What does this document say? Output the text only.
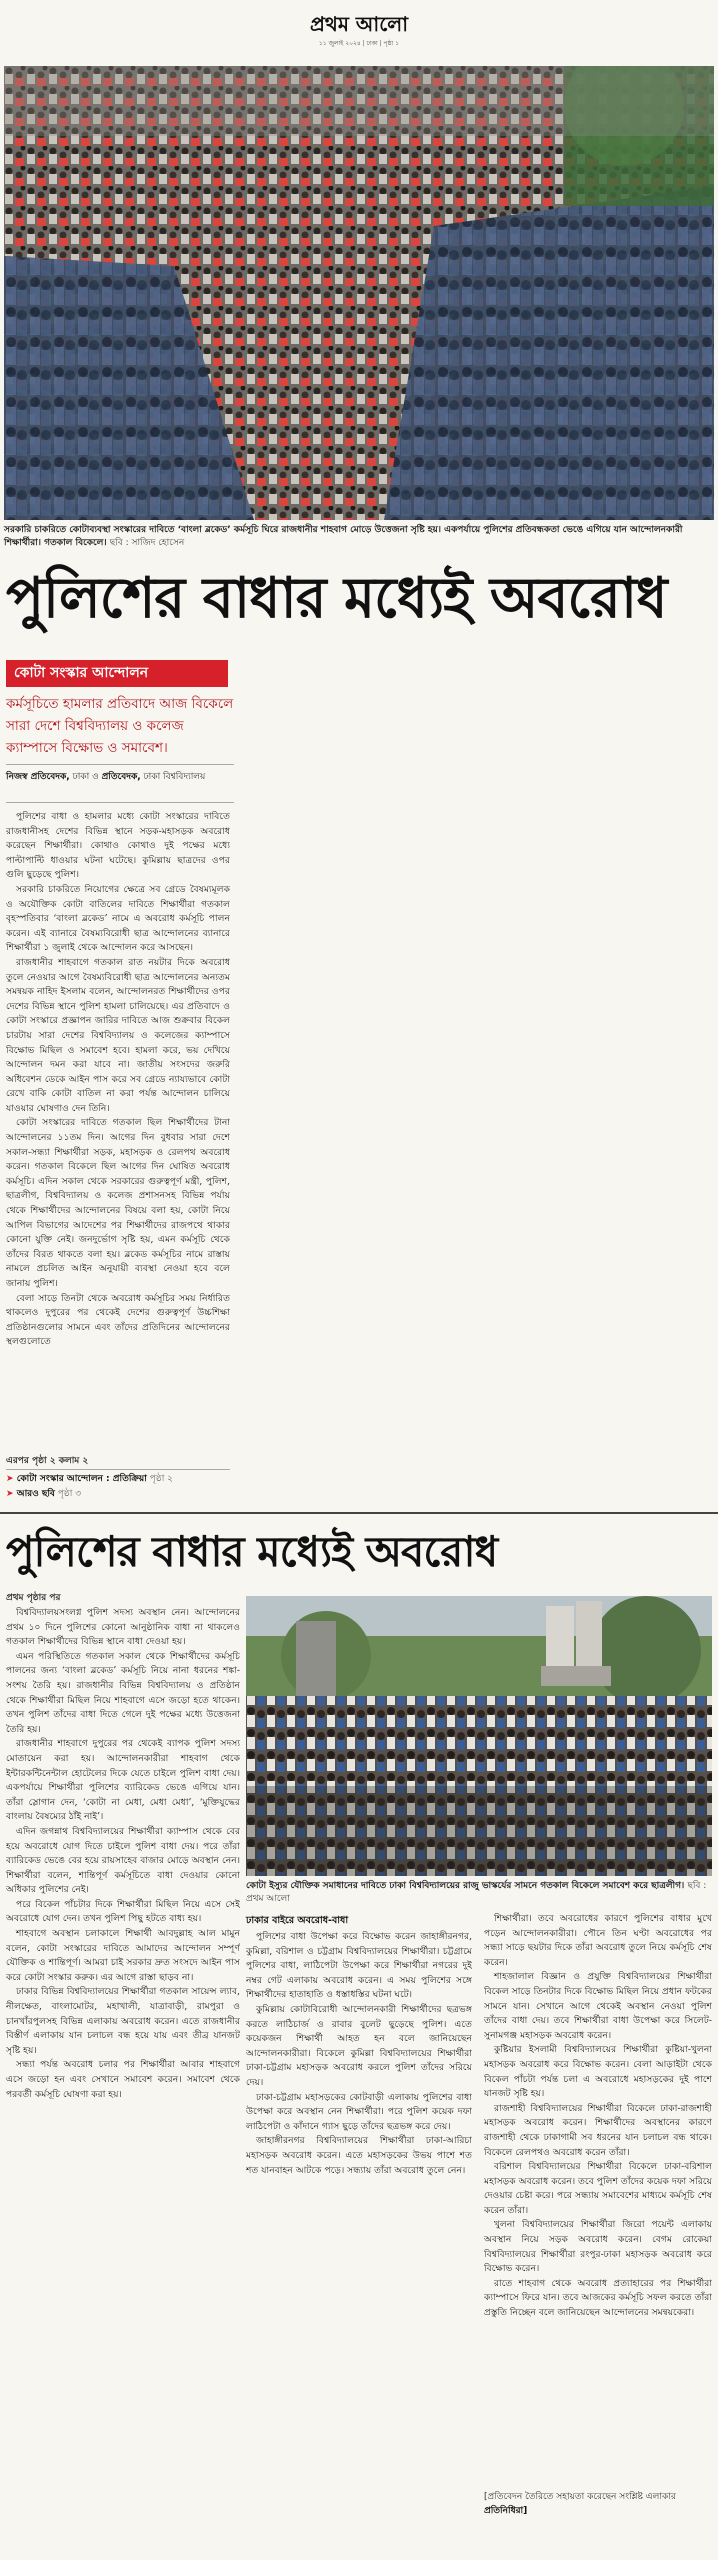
প্রথম আলো
১১ জুলাই ২০২৪ | ঢাকা | পৃষ্ঠা ১
সরকারি চাকরিতে কোটাব্যবস্থা সংস্কারের দাবিতে ‘বাংলা ব্লকেড’ কর্মসূচি ঘিরে রাজধানীর শাহবাগ মোড়ে উত্তেজনা সৃষ্টি হয়। একপর্যায়ে পুলিশের প্রতিবন্ধকতা ভেঙে এগিয়ে যান আন্দোলনকারী শিক্ষার্থীরা। গতকাল বিকেলে। ছবি : সাজিদ হোসেন
পুলিশের বাধার মধ্যেই অবরোধ
কোটা সংস্কার আন্দোলন
কর্মসূচিতে হামলার প্রতিবাদে আজ বিকেলে সারা দেশে বিশ্ববিদ্যালয় ও কলেজ ক্যাম্পাসে বিক্ষোভ ও সমাবেশ।
নিজস্ব প্রতিবেদক, ঢাকা ও প্রতিবেদক, ঢাকা বিশ্ববিদ্যালয়

পুলিশের বাধা ও হামলার মধ্যে কোটা সংস্কারের দাবিতে রাজধানীসহ দেশের বিভিন্ন স্থানে সড়ক-মহাসড়ক অবরোধ করেছেন শিক্ষার্থীরা। কোথাও কোথাও দুই পক্ষের মধ্যে পাল্টাপাল্টি ধাওয়ার ঘটনা ঘটেছে। কুমিল্লায় ছাত্রদের ওপর গুলি ছুড়েছে পুলিশ।

সরকারি চাকরিতে নিয়োগের ক্ষেত্রে সব গ্রেডে বৈষম্যমূলক ও অযৌক্তিক কোটা বাতিলের দাবিতে শিক্ষার্থীরা গতকাল বৃহস্পতিবার ‘বাংলা ব্লকেড’ নামে এ অবরোধ কর্মসূচি পালন করেন। এই ব্যানারে বৈষম্যবিরোধী ছাত্র আন্দোলনের ব্যানারে শিক্ষার্থীরা ১ জুলাই থেকে আন্দোলন করে আসছেন।

রাজধানীর শাহবাগে গতকাল রাত নয়টার দিকে অবরোধ তুলে নেওয়ার আগে বৈষম্যবিরোধী ছাত্র আন্দোলনের অন্যতম সমন্বয়ক নাহিদ ইসলাম বলেন, আন্দোলনরত শিক্ষার্থীদের ওপর দেশের বিভিন্ন স্থানে পুলিশ হামলা চালিয়েছে। এর প্রতিবাদে ও কোটা সংস্কারে প্রজ্ঞাপন জারির দাবিতে আজ শুক্রবার বিকেল চারটায় সারা দেশের বিশ্ববিদ্যালয় ও কলেজের ক্যাম্পাসে বিক্ষোভ মিছিল ও সমাবেশ হবে। হামলা করে, ভয় দেখিয়ে আন্দোলন দমন করা যাবে না। জাতীয় সংসদের জরুরি অধিবেশন ডেকে আইন পাস করে সব গ্রেডে ন্যায্যভাবে কোটা রেখে বাকি কোটা বাতিল না করা পর্যন্ত আন্দোলন চালিয়ে যাওয়ার ঘোষণাও দেন তিনি।

কোটা সংস্কারের দাবিতে গতকাল ছিল শিক্ষার্থীদের টানা আন্দোলনের ১১তম দিন। আগের দিন বুধবার সারা দেশে সকাল-সন্ধ্যা শিক্ষার্থীরা সড়ক, মহাসড়ক ও রেলপথ অবরোধ করেন। গতকাল বিকেলে ছিল আগের দিন ঘোষিত অবরোধ কর্মসূচি। এদিন সকাল থেকে সরকারের গুরুত্বপূর্ণ মন্ত্রী, পুলিশ, ছাত্রলীগ, বিশ্ববিদ্যালয় ও কলেজ প্রশাসনসহ বিভিন্ন পর্যায় থেকে শিক্ষার্থীদের আন্দোলনের বিষয়ে বলা হয়, কোটা নিয়ে আপিল বিভাগের আদেশের পর শিক্ষার্থীদের রাজপথে থাকার কোনো যুক্তি নেই। জনদুর্ভোগ সৃষ্টি হয়, এমন কর্মসূচি থেকে তাঁদের বিরত থাকতে বলা হয়। ব্লকেড কর্মসূচির নামে রাস্তায় নামলে প্রচলিত আইন অনুযায়ী ব্যবস্থা নেওয়া হবে বলে জানায় পুলিশ।

বেলা সাড়ে তিনটা থেকে অবরোধ কর্মসূচির সময় নির্ধারিত থাকলেও দুপুরের পর থেকেই দেশের গুরুত্বপূর্ণ উচ্চশিক্ষা প্রতিষ্ঠানগুলোর সামনে এবং তাঁদের প্রতিদিনের আন্দোলনের স্থলগুলোতে

এরপর পৃষ্ঠা ২ কলাম ২
➤ কোটা সংস্কার আন্দোলন : প্রতিক্রিয়া পৃষ্ঠা ২
➤ আরও ছবি পৃষ্ঠা ৩
পুলিশের বাধার মধ্যেই অবরোধ
প্রথম পৃষ্ঠার পর

বিশ্ববিদ্যালয়সংলগ্ন পুলিশ সদস্য অবস্থান নেন। আন্দোলনের প্রথম ১০ দিনে পুলিশের কোনো আনুষ্ঠানিক বাধা না থাকলেও গতকাল শিক্ষার্থীদের বিভিন্ন স্থানে বাধা দেওয়া হয়।

এমন পরিস্থিতিতে গতকাল সকাল থেকে শিক্ষার্থীদের কর্মসূচি পালনের জন্য ‘বাংলা ব্লকেড’ কর্মসূচি নিয়ে নানা ধরনের শঙ্কা-সংশয় তৈরি হয়। রাজধানীর বিভিন্ন বিশ্ববিদ্যালয় ও প্রতিষ্ঠান থেকে শিক্ষার্থীরা মিছিল নিয়ে শাহবাগে এসে জড়ো হতে থাকেন। তখন পুলিশ তাঁদের বাধা দিতে গেলে দুই পক্ষের মধ্যে উত্তেজনা তৈরি হয়।

রাজধানীর শাহবাগে দুপুরের পর থেকেই ব্যাপক পুলিশ সদস্য মোতায়েন করা হয়। আন্দোলনকারীরা শাহবাগ থেকে ইন্টারকন্টিনেন্টাল হোটেলের দিকে যেতে চাইলে পুলিশ বাধা দেয়। একপর্যায়ে শিক্ষার্থীরা পুলিশের ব্যারিকেড ভেঙে এগিয়ে যান। তাঁরা স্লোগান দেন, ‘কোটা না মেধা, মেধা মেধা’, ‘মুক্তিযুদ্ধের বাংলায় বৈষম্যের ঠাঁই নাই’।

এদিন জগন্নাথ বিশ্ববিদ্যালয়ের শিক্ষার্থীরা ক্যাম্পাস থেকে বের হয়ে অবরোধে যোগ দিতে চাইলে পুলিশ বাধা দেয়। পরে তাঁরা ব্যারিকেড ভেঙে বের হয়ে রায়সাহেব বাজার মোড়ে অবস্থান নেন। শিক্ষার্থীরা বলেন, শান্তিপূর্ণ কর্মসূচিতে বাধা দেওয়ার কোনো অধিকার পুলিশের নেই।

পরে বিকেল পাঁচটার দিকে শিক্ষার্থীরা মিছিল নিয়ে এসে সেই অবরোধে যোগ দেন। তখন পুলিশ পিছু হটতে বাধ্য হয়।

শাহবাগে অবস্থান চলাকালে শিক্ষার্থী আবদুল্লাহ আল মামুন বলেন, কোটা সংস্কারের দাবিতে আমাদের আন্দোলন সম্পূর্ণ যৌক্তিক ও শান্তিপূর্ণ। আমরা চাই সরকার দ্রুত সংসদে আইন পাস করে কোটা সংস্কার করুক। এর আগে রাস্তা ছাড়ব না।

ঢাকার বিভিন্ন বিশ্ববিদ্যালয়ের শিক্ষার্থীরা গতকাল সায়েন্স ল্যাব, নীলক্ষেত, বাংলামোটর, মহাখালী, যাত্রাবাড়ী, রামপুরা ও চানখাঁরপুলসহ বিভিন্ন এলাকায় অবরোধ করেন। এতে রাজধানীর বিস্তীর্ণ এলাকায় যান চলাচল বন্ধ হয়ে যায় এবং তীব্র যানজট সৃষ্টি হয়।

সন্ধ্যা পর্যন্ত অবরোধ চলার পর শিক্ষার্থীরা আবার শাহবাগে এসে জড়ো হন এবং সেখানে সমাবেশ করেন। সমাবেশ থেকে পরবর্তী কর্মসূচি ঘোষণা করা হয়।

কোটা ইস্যুর যৌক্তিক সমাধানের দাবিতে ঢাকা বিশ্ববিদ্যালয়ের রাজু ভাস্কর্যের সামনে গতকাল বিকেলে সমাবেশ করে ছাত্রলীগ। ছবি : প্রথম আলো
ঢাকার বাইরে অবরোধ-বাধা

পুলিশের বাধা উপেক্ষা করে বিক্ষোভ করেন জাহাঙ্গীরনগর, কুমিল্লা, বরিশাল ও চট্টগ্রাম বিশ্ববিদ্যালয়ের শিক্ষার্থীরা। চট্টগ্রামে পুলিশের বাধা, লাঠিপেটা উপেক্ষা করে শিক্ষার্থীরা নগরের দুই নম্বর গেট এলাকায় অবরোধ করেন। এ সময় পুলিশের সঙ্গে শিক্ষার্থীদের হাতাহাতি ও ধস্তাধস্তির ঘটনা ঘটে।

কুমিল্লায় কোটাবিরোধী আন্দোলনকারী শিক্ষার্থীদের ছত্রভঙ্গ করতে লাঠিচার্জ ও রাবার বুলেট ছুড়েছে পুলিশ। এতে কয়েকজন শিক্ষার্থী আহত হন বলে জানিয়েছেন আন্দোলনকারীরা। বিকেলে কুমিল্লা বিশ্ববিদ্যালয়ের শিক্ষার্থীরা ঢাকা-চট্টগ্রাম মহাসড়ক অবরোধ করলে পুলিশ তাঁদের সরিয়ে দেয়।

ঢাকা-চট্টগ্রাম মহাসড়কের কোটবাড়ী এলাকায় পুলিশের বাধা উপেক্ষা করে অবস্থান নেন শিক্ষার্থীরা। পরে পুলিশ কয়েক দফা লাঠিপেটা ও কাঁদানে গ্যাস ছুড়ে তাঁদের ছত্রভঙ্গ করে দেয়।

জাহাঙ্গীরনগর বিশ্ববিদ্যালয়ের শিক্ষার্থীরা ঢাকা-আরিচা মহাসড়ক অবরোধ করেন। এতে মহাসড়কের উভয় পাশে শত শত যানবাহন আটকে পড়ে। সন্ধ্যায় তাঁরা অবরোধ তুলে নেন।

শিক্ষার্থীরা। তবে অবরোধের কারণে পুলিশের বাধার মুখে পড়েন আন্দোলনকারীরা। পৌনে তিন ঘণ্টা অবরোধের পর সন্ধ্যা সাড়ে ছয়টার দিকে তাঁরা অবরোধ তুলে নিয়ে কর্মসূচি শেষ করেন।

শাহজালাল বিজ্ঞান ও প্রযুক্তি বিশ্ববিদ্যালয়ের শিক্ষার্থীরা বিকেল সাড়ে তিনটার দিকে বিক্ষোভ মিছিল নিয়ে প্রধান ফটকের সামনে যান। সেখানে আগে থেকেই অবস্থান নেওয়া পুলিশ তাঁদের বাধা দেয়। তবে শিক্ষার্থীরা বাধা উপেক্ষা করে সিলেট-সুনামগঞ্জ মহাসড়ক অবরোধ করেন।

কুষ্টিয়ার ইসলামী বিশ্ববিদ্যালয়ের শিক্ষার্থীরা কুষ্টিয়া-খুলনা মহাসড়ক অবরোধ করে বিক্ষোভ করেন। বেলা আড়াইটা থেকে বিকেল পাঁচটা পর্যন্ত চলা এ অবরোধে মহাসড়কের দুই পাশে যানজট সৃষ্টি হয়।

রাজশাহী বিশ্ববিদ্যালয়ের শিক্ষার্থীরা বিকেলে ঢাকা-রাজশাহী মহাসড়ক অবরোধ করেন। শিক্ষার্থীদের অবস্থানের কারণে রাজশাহী থেকে ঢাকাগামী সব ধরনের যান চলাচল বন্ধ থাকে। বিকেলে রেলপথও অবরোধ করেন তাঁরা।

বরিশাল বিশ্ববিদ্যালয়ের শিক্ষার্থীরা বিকেলে ঢাকা-বরিশাল মহাসড়ক অবরোধ করেন। তবে পুলিশ তাঁদের কয়েক দফা সরিয়ে দেওয়ার চেষ্টা করে। পরে সন্ধ্যায় সমাবেশের মাধ্যমে কর্মসূচি শেষ করেন তাঁরা।

খুলনা বিশ্ববিদ্যালয়ের শিক্ষার্থীরা জিরো পয়েন্ট এলাকায় অবস্থান নিয়ে সড়ক অবরোধ করেন। বেগম রোকেয়া বিশ্ববিদ্যালয়ের শিক্ষার্থীরা রংপুর-ঢাকা মহাসড়ক অবরোধ করে বিক্ষোভ করেন।

রাতে শাহবাগ থেকে অবরোধ প্রত্যাহারের পর শিক্ষার্থীরা ক্যাম্পাসে ফিরে যান। তবে আজকের কর্মসূচি সফল করতে তাঁরা প্রস্তুতি নিচ্ছেন বলে জানিয়েছেন আন্দোলনের সমন্বয়কেরা।

[প্রতিবেদন তৈরিতে সহায়তা করেছেন সংশ্লিষ্ট এলাকার প্রতিনিধিরা]
